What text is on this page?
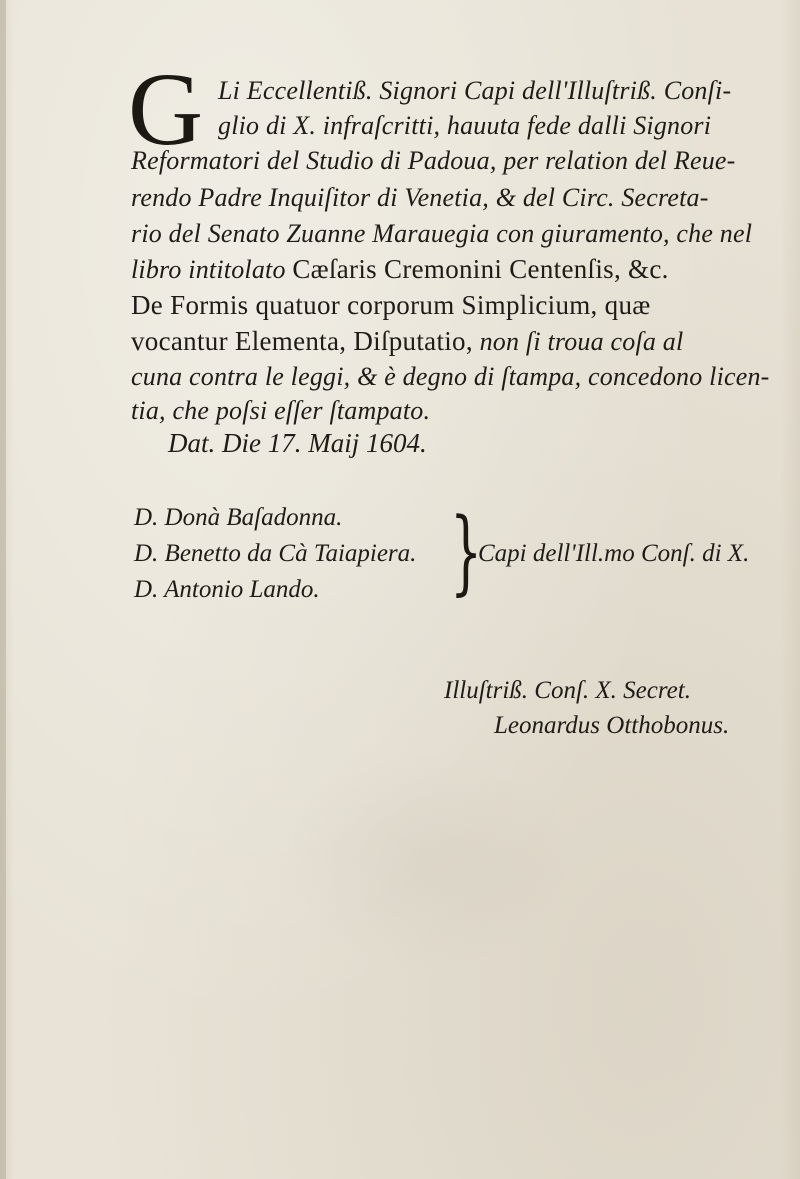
G Li Eccellentiß. Signori Capi dell'Illuſtriß. Conſi-
glio di X. infraſcritti, hauuta fede dalli Signori
Reformatori del Studio di Padoua, per relation del Reue-
rendo Padre Inquiſitor di Venetia, & del Circ. Secreta-
rio del Senato Zuanne Marauegia con giuramento, che nel
libro intitolato Cæſaris Cremonini Centenſis, &c.
De Formis quatuor corporum Simplicium, quæ
vocantur Elementa, Diſputatio, non ſi troua coſa al
cuna contra le leggi, & è degno di ſtampa, concedono licen-
tia, che poſsi eſſer ſtampato.
Dat. Die 17. Maij 1604.
D. Donà Baſadonna.
D. Benetto da Cà Taiapiera.
D. Antonio Lando. }
Capi dell'Ill.mo Conſ. di X.
Illuſtriß. Conſ. X. Secret.
Leonardus Otthobonus.
